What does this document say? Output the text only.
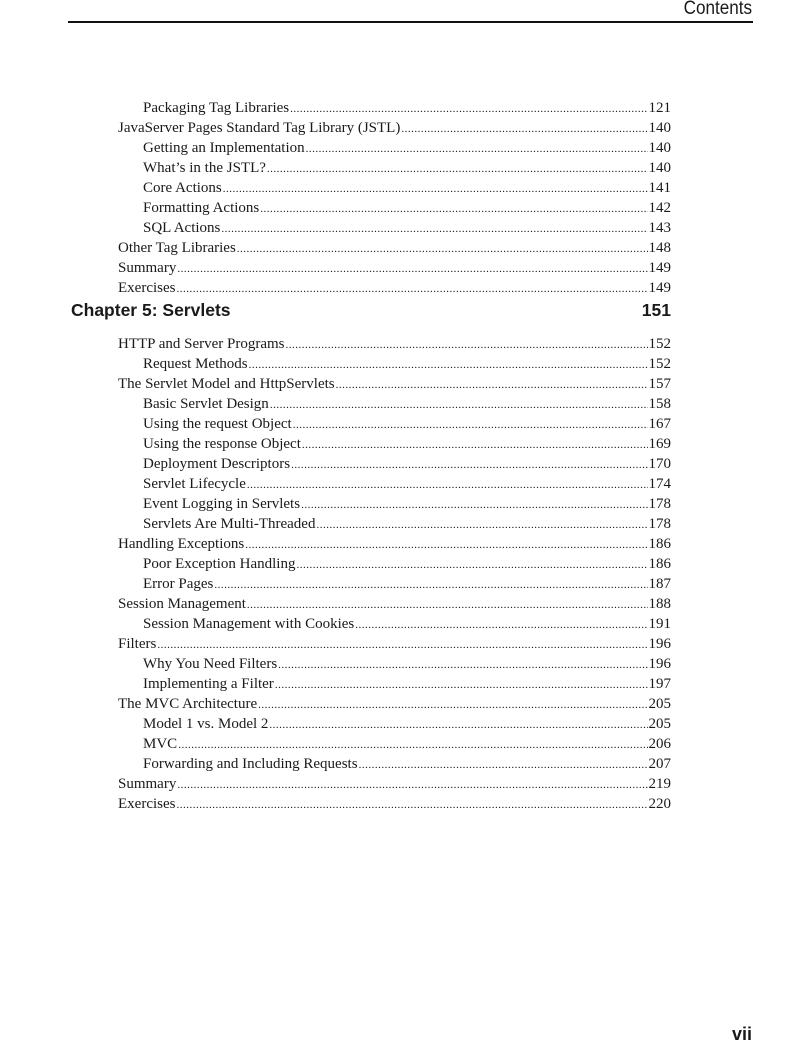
Contents
Packaging Tag Libraries .....	121
JavaServer Pages Standard Tag Library (JSTL) .....	140
Getting an Implementation .....	140
What’s in the JSTL? .....	140
Core Actions .....	141
Formatting Actions .....	142
SQL Actions .....	143
Other Tag Libraries .....	148
Summary .....	149
Exercises .....	149
Chapter 5: Servlets	151
HTTP and Server Programs .....	152
Request Methods .....	152
The Servlet Model and HttpServlets .....	157
Basic Servlet Design .....	158
Using the request Object .....	167
Using the response Object .....	169
Deployment Descriptors .....	170
Servlet Lifecycle .....	174
Event Logging in Servlets .....	178
Servlets Are Multi-Threaded .....	178
Handling Exceptions .....	186
Poor Exception Handling .....	186
Error Pages .....	187
Session Management .....	188
Session Management with Cookies .....	191
Filters .....	196
Why You Need Filters .....	196
Implementing a Filter .....	197
The MVC Architecture .....	205
Model 1 vs. Model 2 .....	205
MVC .....	206
Forwarding and Including Requests .....	207
Summary .....	219
Exercises .....	220
vii
